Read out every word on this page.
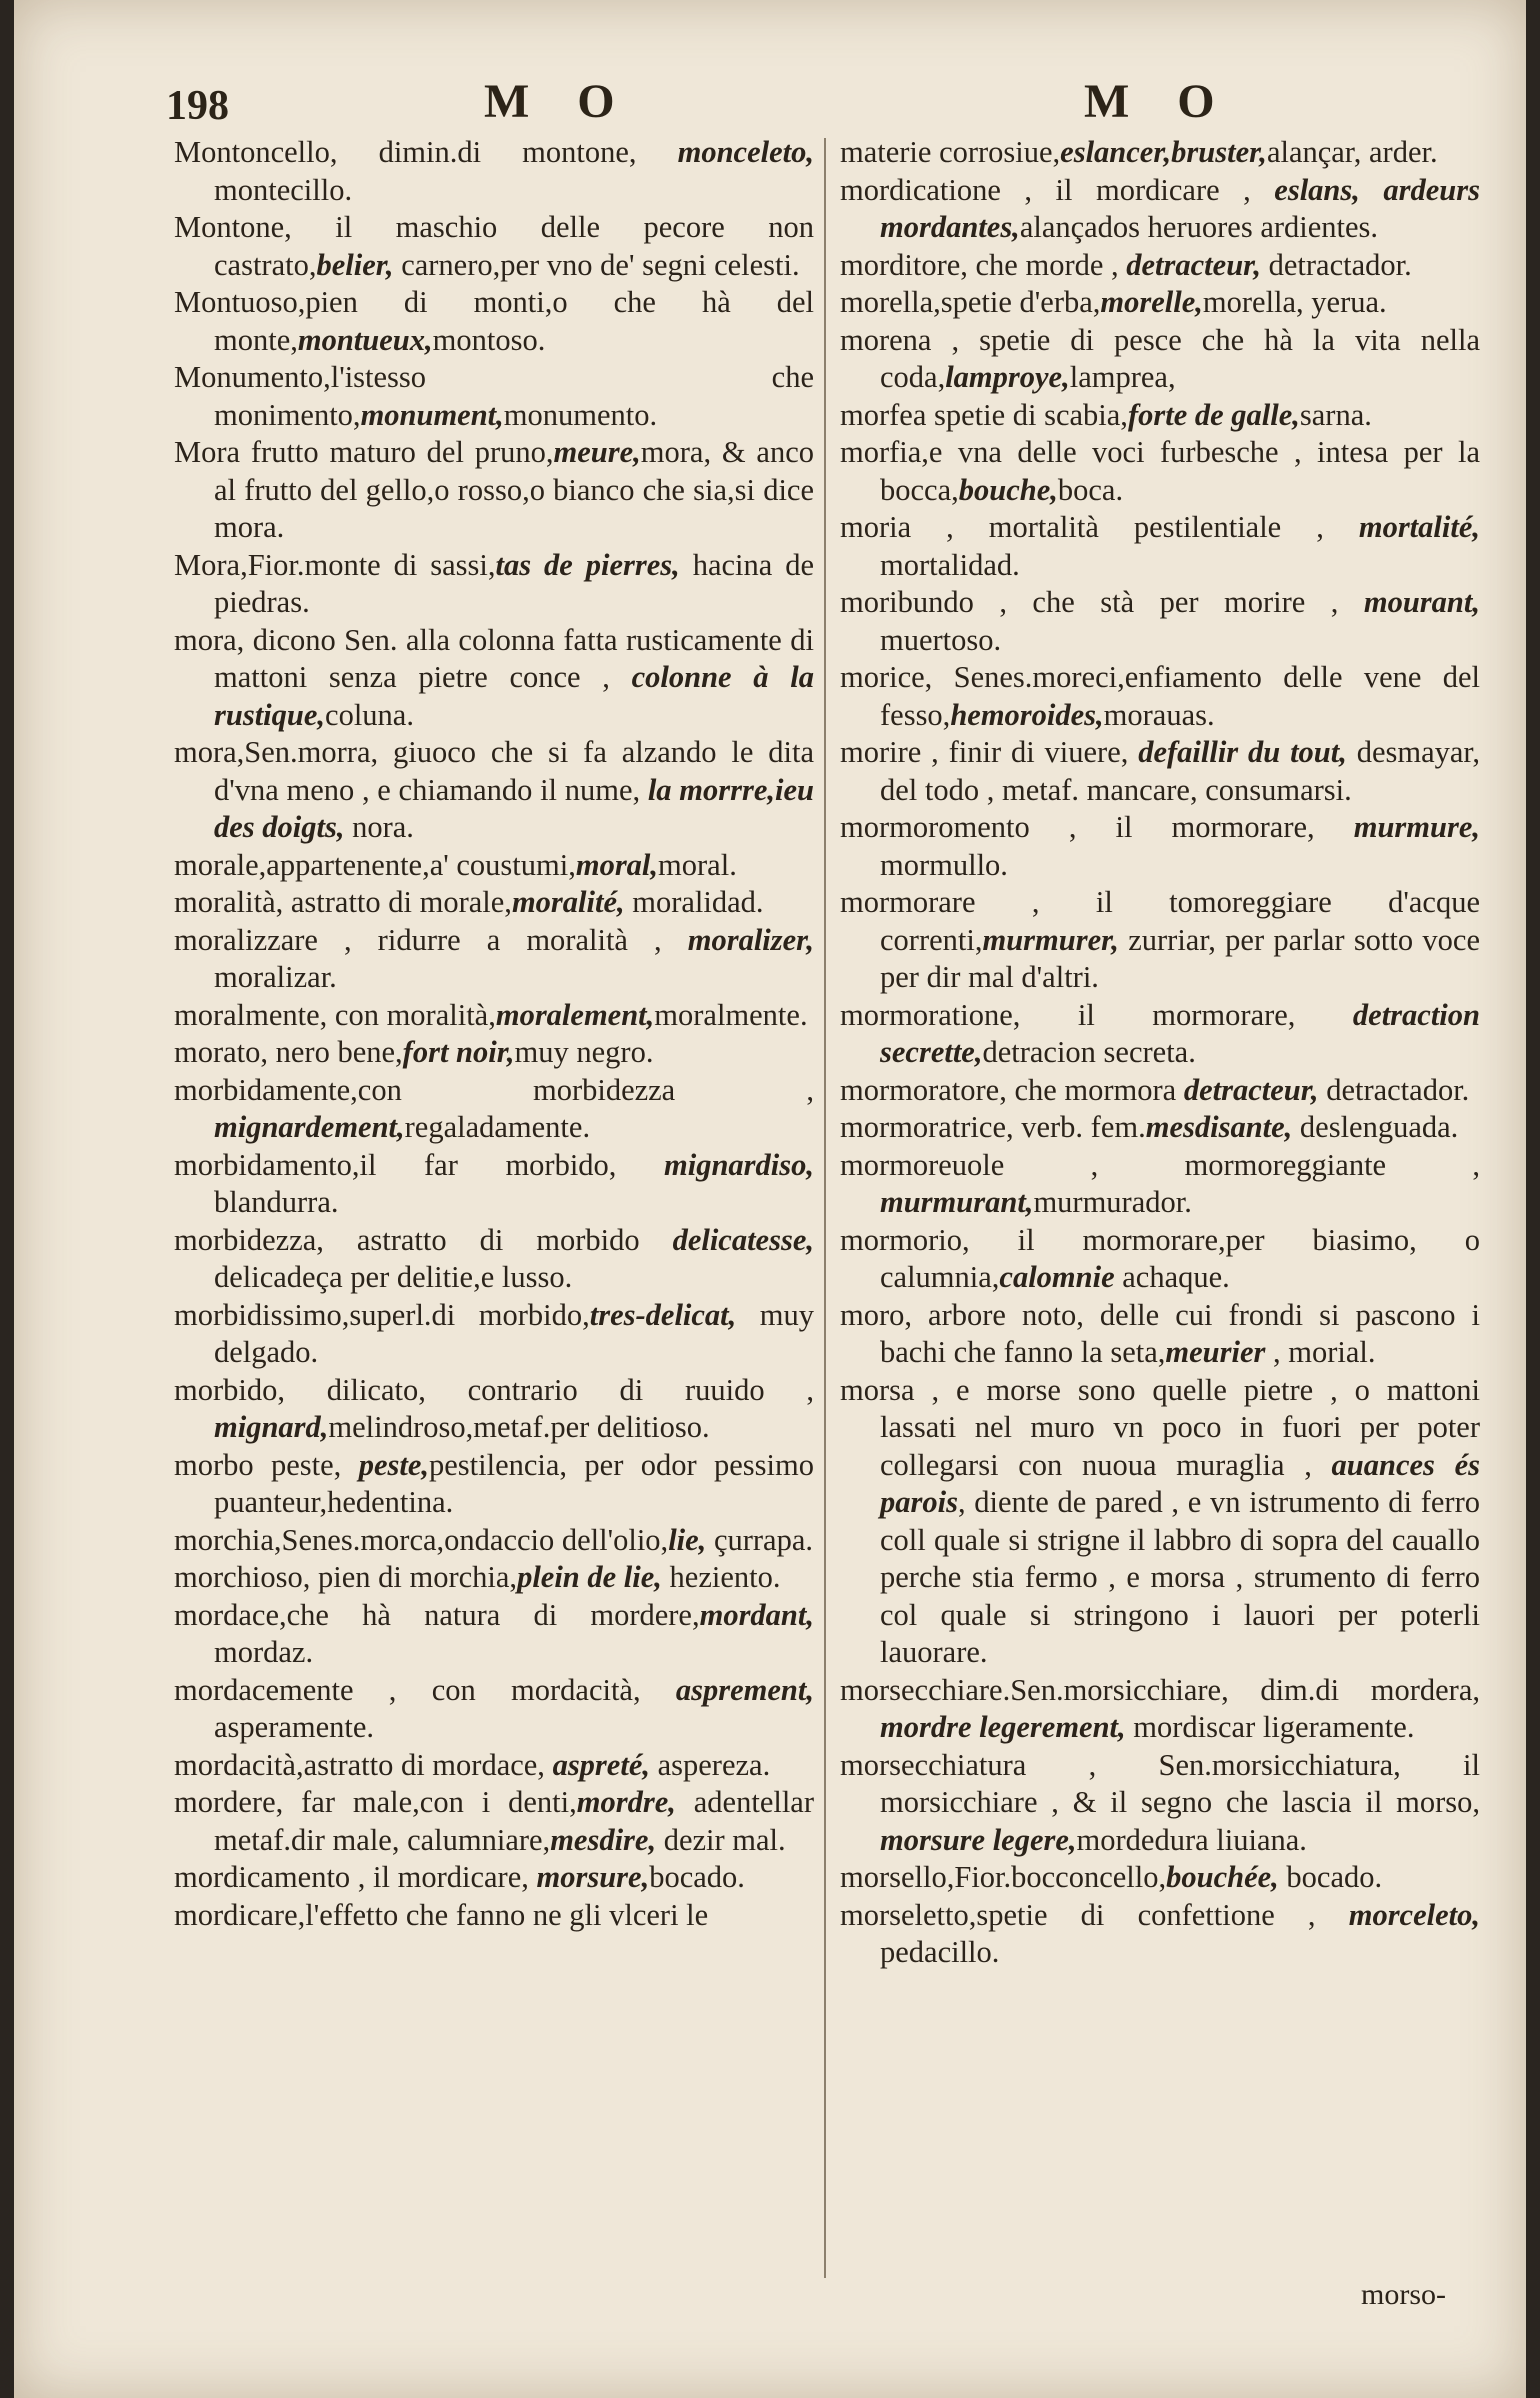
198	M O	M O

Montoncello, dimin.di montone, monceleto, montecillo.

Montone, il maschio delle pecore non castrato,belier, carnero,per vno de' segni celesti.

Montuoso,pien di monti,o che hà del monte,montueux,montoso.

Monumento,l'istesso che monimento,monument,monumento.

Mora frutto maturo del pruno,meure,mora, & anco al frutto del gello,o rosso,o bianco che sia,si dice mora.

Mora,Fior.monte di sassi,tas de pierres, hacina de piedras.

mora, dicono Sen. alla colonna fatta rusticamente di mattoni senza pietre conce , colonne à la rustique,coluna.

mora,Sen.morra, giuoco che si fa alzando le dita d'vna meno , e chiamando il nume, la morrre,ieu des doigts, nora.

morale,appartenente,a' coustumi,moral,moral.

moralità, astratto di morale,moralité, moralidad.

moralizzare , ridurre a moralità , moralizer, moralizar.

moralmente, con moralità,moralement,moralmente.

morato, nero bene,fort noir,muy negro.

morbidamente,con morbidezza , mignardement,regaladamente.

morbidamento,il far morbido, mignardiso, blandurra.

morbidezza, astratto di morbido delicatesse, delicadeça per delitie,e lusso.

morbidissimo,superl.di morbido,tres-delicat, muy delgado.

morbido, dilicato, contrario di ruuido , mignard,melindroso,metaf.per delitioso.

morbo peste, peste,pestilencia, per odor pessimo puanteur,hedentina.

morchia,Senes.morca,ondaccio dell'olio,lie, çurrapa.

morchioso, pien di morchia,plein de lie, heziento.

mordace,che hà natura di mordere,mordant, mordaz.

mordacemente , con mordacità, asprement, asperamente.

mordacità,astratto di mordace, aspreté, aspereza.

mordere, far male,con i denti,mordre, adentellar metaf.dir male, calumniare,mesdire, dezir mal.

mordicamento , il mordicare, morsure,bocado.

mordicare,l'effetto che fanno ne gli vlceri le

materie corrosiue,eslancer,bruster,alançar, arder.

mordicatione , il mordicare , eslans, ardeurs mordantes,alançados heruores ardientes.

morditore, che morde , detracteur, detractador.

morella,spetie d'erba,morelle,morella, yerua.

morena , spetie di pesce che hà la vita nella coda,lamproye,lamprea,

morfea spetie di scabia,forte de galle,sarna.

morfia,e vna delle voci furbesche , intesa per la bocca,bouche,boca.

moria , mortalità pestilentiale , mortalité, mortalidad.

moribundo , che stà per morire , mourant, muertoso.

morice, Senes.moreci,enfiamento delle vene del fesso,hemoroides,morauas.

morire , finir di viuere, defaillir du tout, desmayar, del todo , metaf. mancare, consumarsi.

mormoromento , il mormorare, murmure, mormullo.

mormorare , il tomoreggiare d'acque correnti,murmurer, zurriar, per parlar sotto voce per dir mal d'altri.

mormoratione, il mormorare, detraction secrette,detracion secreta.

mormoratore, che mormora detracteur, detractador.

mormoratrice, verb. fem.mesdisante, deslenguada.

mormoreuole , mormoreggiante , murmurant,murmurador.

mormorio, il mormorare,per biasimo, o calumnia,calomnie achaque.

moro, arbore noto, delle cui frondi si pascono i bachi che fanno la seta,meurier , morial.

morsa , e morse sono quelle pietre , o mattoni lassati nel muro vn poco in fuori per poter collegarsi con nuoua muraglia , auances és parois, diente de pared , e vn istrumento di ferro coll quale si strigne il labbro di sopra del cauallo perche stia fermo , e morsa , strumento di ferro col quale si stringono i lauori per poterli lauorare.

morsecchiare.Sen.morsicchiare, dim.di mordera, mordre legerement, mordiscar ligeramente.

morsecchiatura , Sen.morsicchiatura, il morsicchiare , & il segno che lascia il morso, morsure legere,mordedura liuiana.

morsello,Fior.bocconcello,bouchée, bocado.

morseletto,spetie di confettione , morceleto, pedacillo.

morso-
